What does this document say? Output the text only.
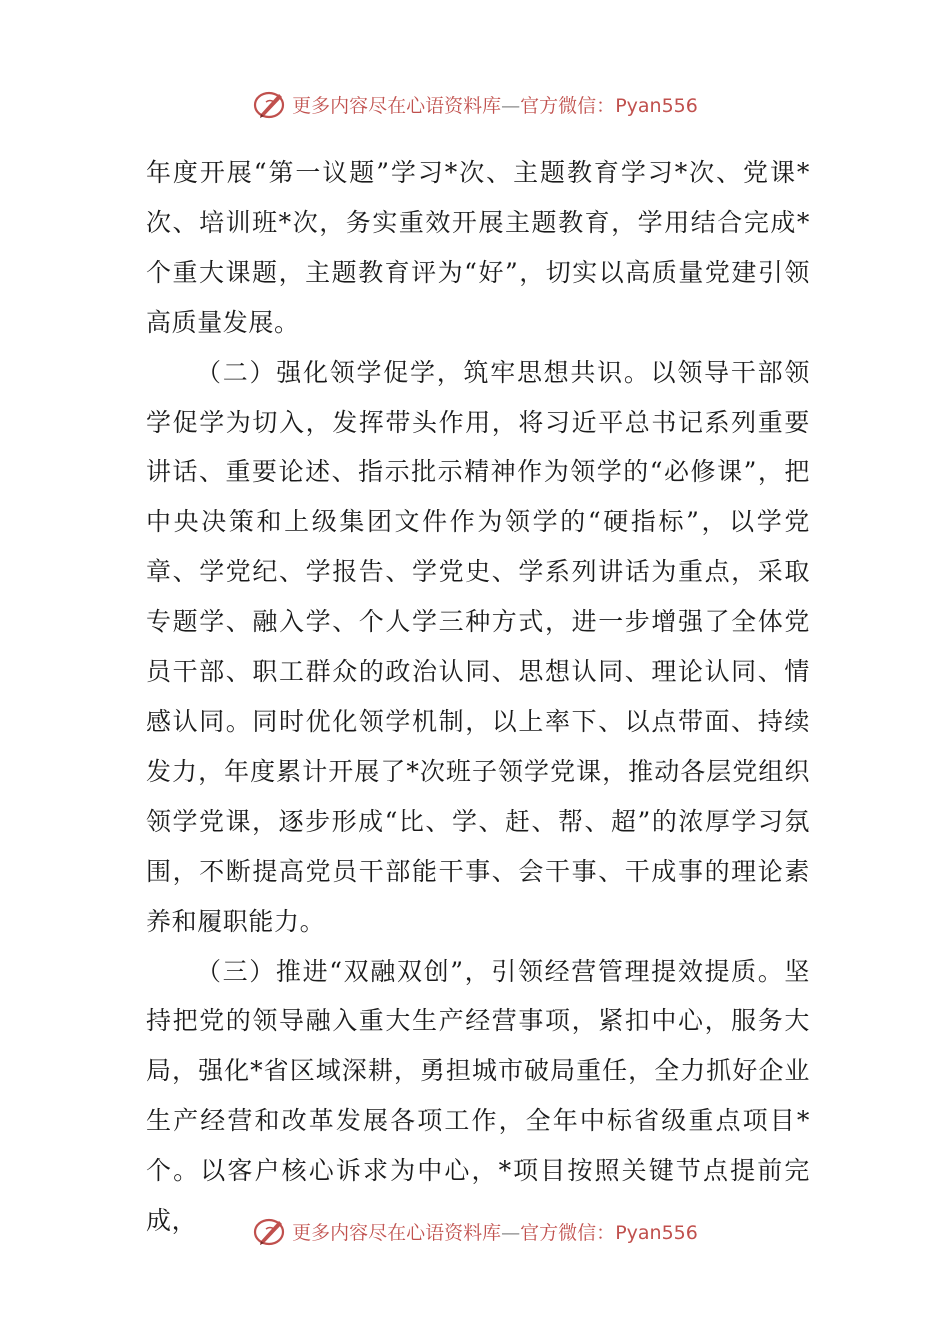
更多内容尽在心语资料库—官方微信：Pyan556

年度开展“第一议题”学习*次、主题教育学习*次、党课*次、培训班*次，务实重效开展主题教育，学用结合完成*个重大课题，主题教育评为“好”，切实以高质量党建引领高质量发展。

（二）强化领学促学，筑牢思想共识。以领导干部领学促学为切入，发挥带头作用，将习近平总书记系列重要讲话、重要论述、指示批示精神作为领学的“必修课”，把中央决策和上级集团文件作为领学的“硬指标”，以学党章、学党纪、学报告、学党史、学系列讲话为重点，采取专题学、融入学、个人学三种方式，进一步增强了全体党员干部、职工群众的政治认同、思想认同、理论认同、情感认同。同时优化领学机制，以上率下、以点带面、持续发力，年度累计开展了*次班子领学党课，推动各层党组织领学党课，逐步形成“比、学、赶、帮、超”的浓厚学习氛围，不断提高党员干部能干事、会干事、干成事的理论素养和履职能力。

（三）推进“双融双创”，引领经营管理提效提质。坚持把党的领导融入重大生产经营事项，紧扣中心，服务大局，强化*省区域深耕，勇担城市破局重任，全力抓好企业生产经营和改革发展各项工作，全年中标省级重点项目*个。以客户核心诉求为中心，*项目按照关键节点提前完成，	更多内容尽在心语资料库—官方微信：Pyan556
